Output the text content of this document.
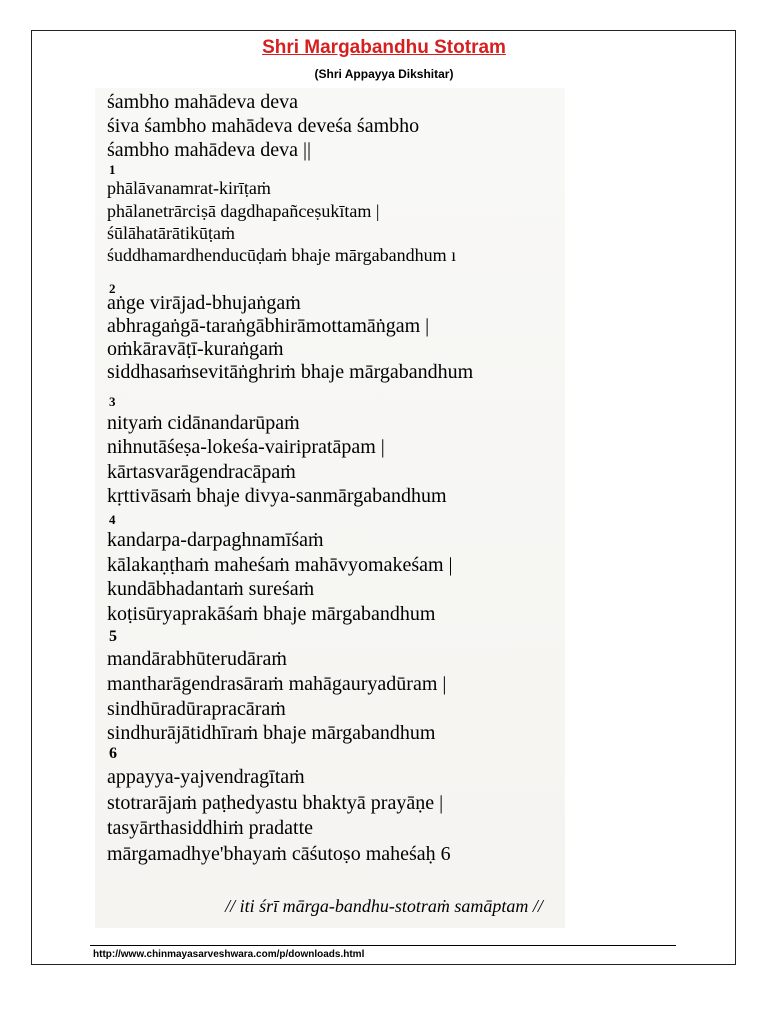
Shri Margabandhu Stotram
(Shri Appayya Dikshitar)
śambho mahādeva deva
śiva śambho mahādeva deveśa śambho
śambho mahādeva deva ||
1
phālāvanamrat-kirīṭaṁ
phālanetrārciṣā dagdhapañceṣukītam |
śūlāhatārātikūṭaṁ
śuddhamardhenducūḍaṁ bhaje mārgabandhum ı
2
aṅge virājad-bhujaṅgaṁ
abhragaṅgā-taraṅgābhirāmottamāṅgam |
oṁkāravāṭī-kuraṅgaṁ
siddhasaṁsevitāṅghriṁ bhaje mārgabandhum
3
nityaṁ cidānandarūpaṁ
nihnutāśeṣa-lokeśa-vairipratāpam |
kārtasvarāgendracāpaṁ
kṛttivāsaṁ bhaje divya-sanmārgabandhum
4
kandarpa-darpaghnamīśaṁ
kālakaṇṭhaṁ maheśaṁ mahāvyomakeśam |
kundābhadantaṁ sureśaṁ
koṭisūryaprakāśaṁ bhaje mārgabandhum
5
mandārabhūterudāraṁ
mantharāgendrasāraṁ mahāgauryadūram |
sindhūradūrapracāraṁ
sindhurājātidhīraṁ bhaje mārgabandhum
6
appayya-yajvendragītaṁ
stotrarājaṁ paṭhedyastu bhaktyā prayāṇe |
tasyārthasiddhiṁ pradatte
mārgamadhye'bhayaṁ cāśutoṣo maheśaḥ 6
// iti śrī mārga-bandhu-stotraṁ samāptam //
http://www.chinmayasarveshwara.com/p/downloads.html
